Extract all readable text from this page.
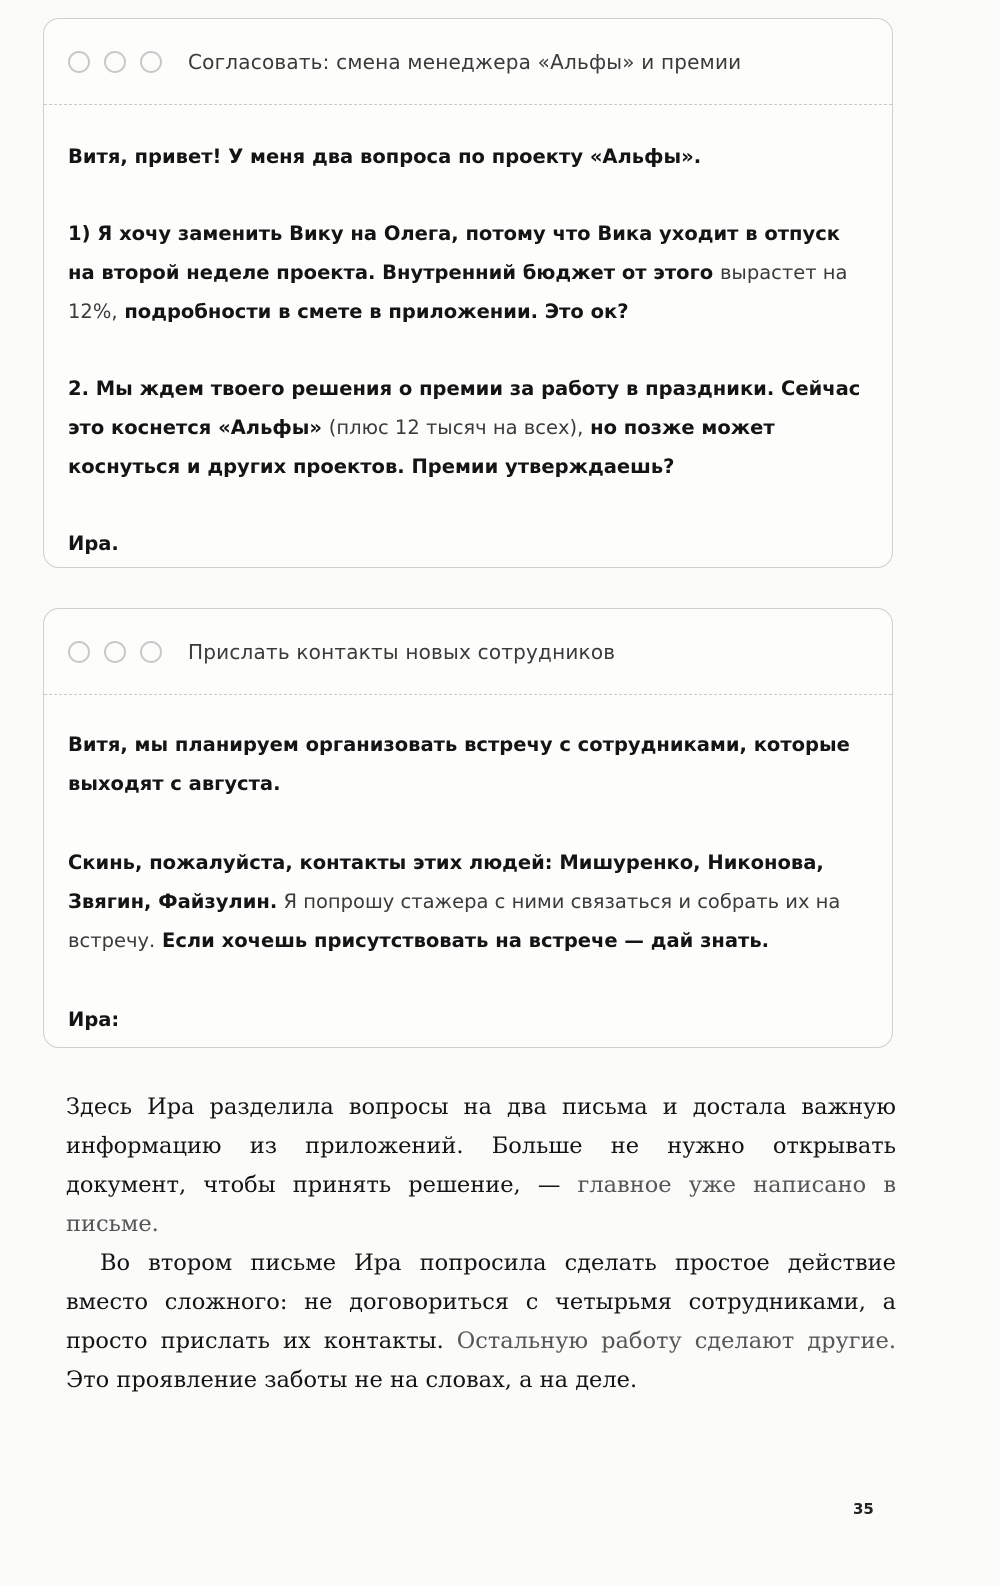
Согласовать: смена менеджера «Альфы» и премии

Витя, привет! У меня два вопроса по проекту «Альфы».

1) Я хочу заменить Вику на Олега, потому что Вика уходит в отпуск на второй неделе проекта. Внутренний бюджет от этого вырастет на 12%, подробности в смете в приложении. Это ок?

2. Мы ждем твоего решения о премии за работу в праздники. Сейчас это коснется «Альфы» (плюс 12 тысяч на всех), но позже может коснуться и других проектов. Премии утверждаешь?

Ира.

Прислать контакты новых сотрудников

Витя, мы планируем организовать встречу с сотрудниками, которые выходят с августа.

Скинь, пожалуйста, контакты этих людей: Мишуренко, Никонова, Звягин, Файзулин. Я попрошу стажера с ними связаться и собрать их на встречу. Если хочешь присутствовать на встрече — дай знать.

Ира:

Здесь Ира разделила вопросы на два письма и достала важную информацию из приложений. Больше не нужно открывать документ, чтобы принять решение, — главное уже написано в письме.

Во втором письме Ира попросила сделать простое действие вместо сложного: не договориться с четырьмя сотрудниками, а просто прислать их контакты. Остальную работу сделают другие. Это проявление заботы не на словах, а на деле.

35
